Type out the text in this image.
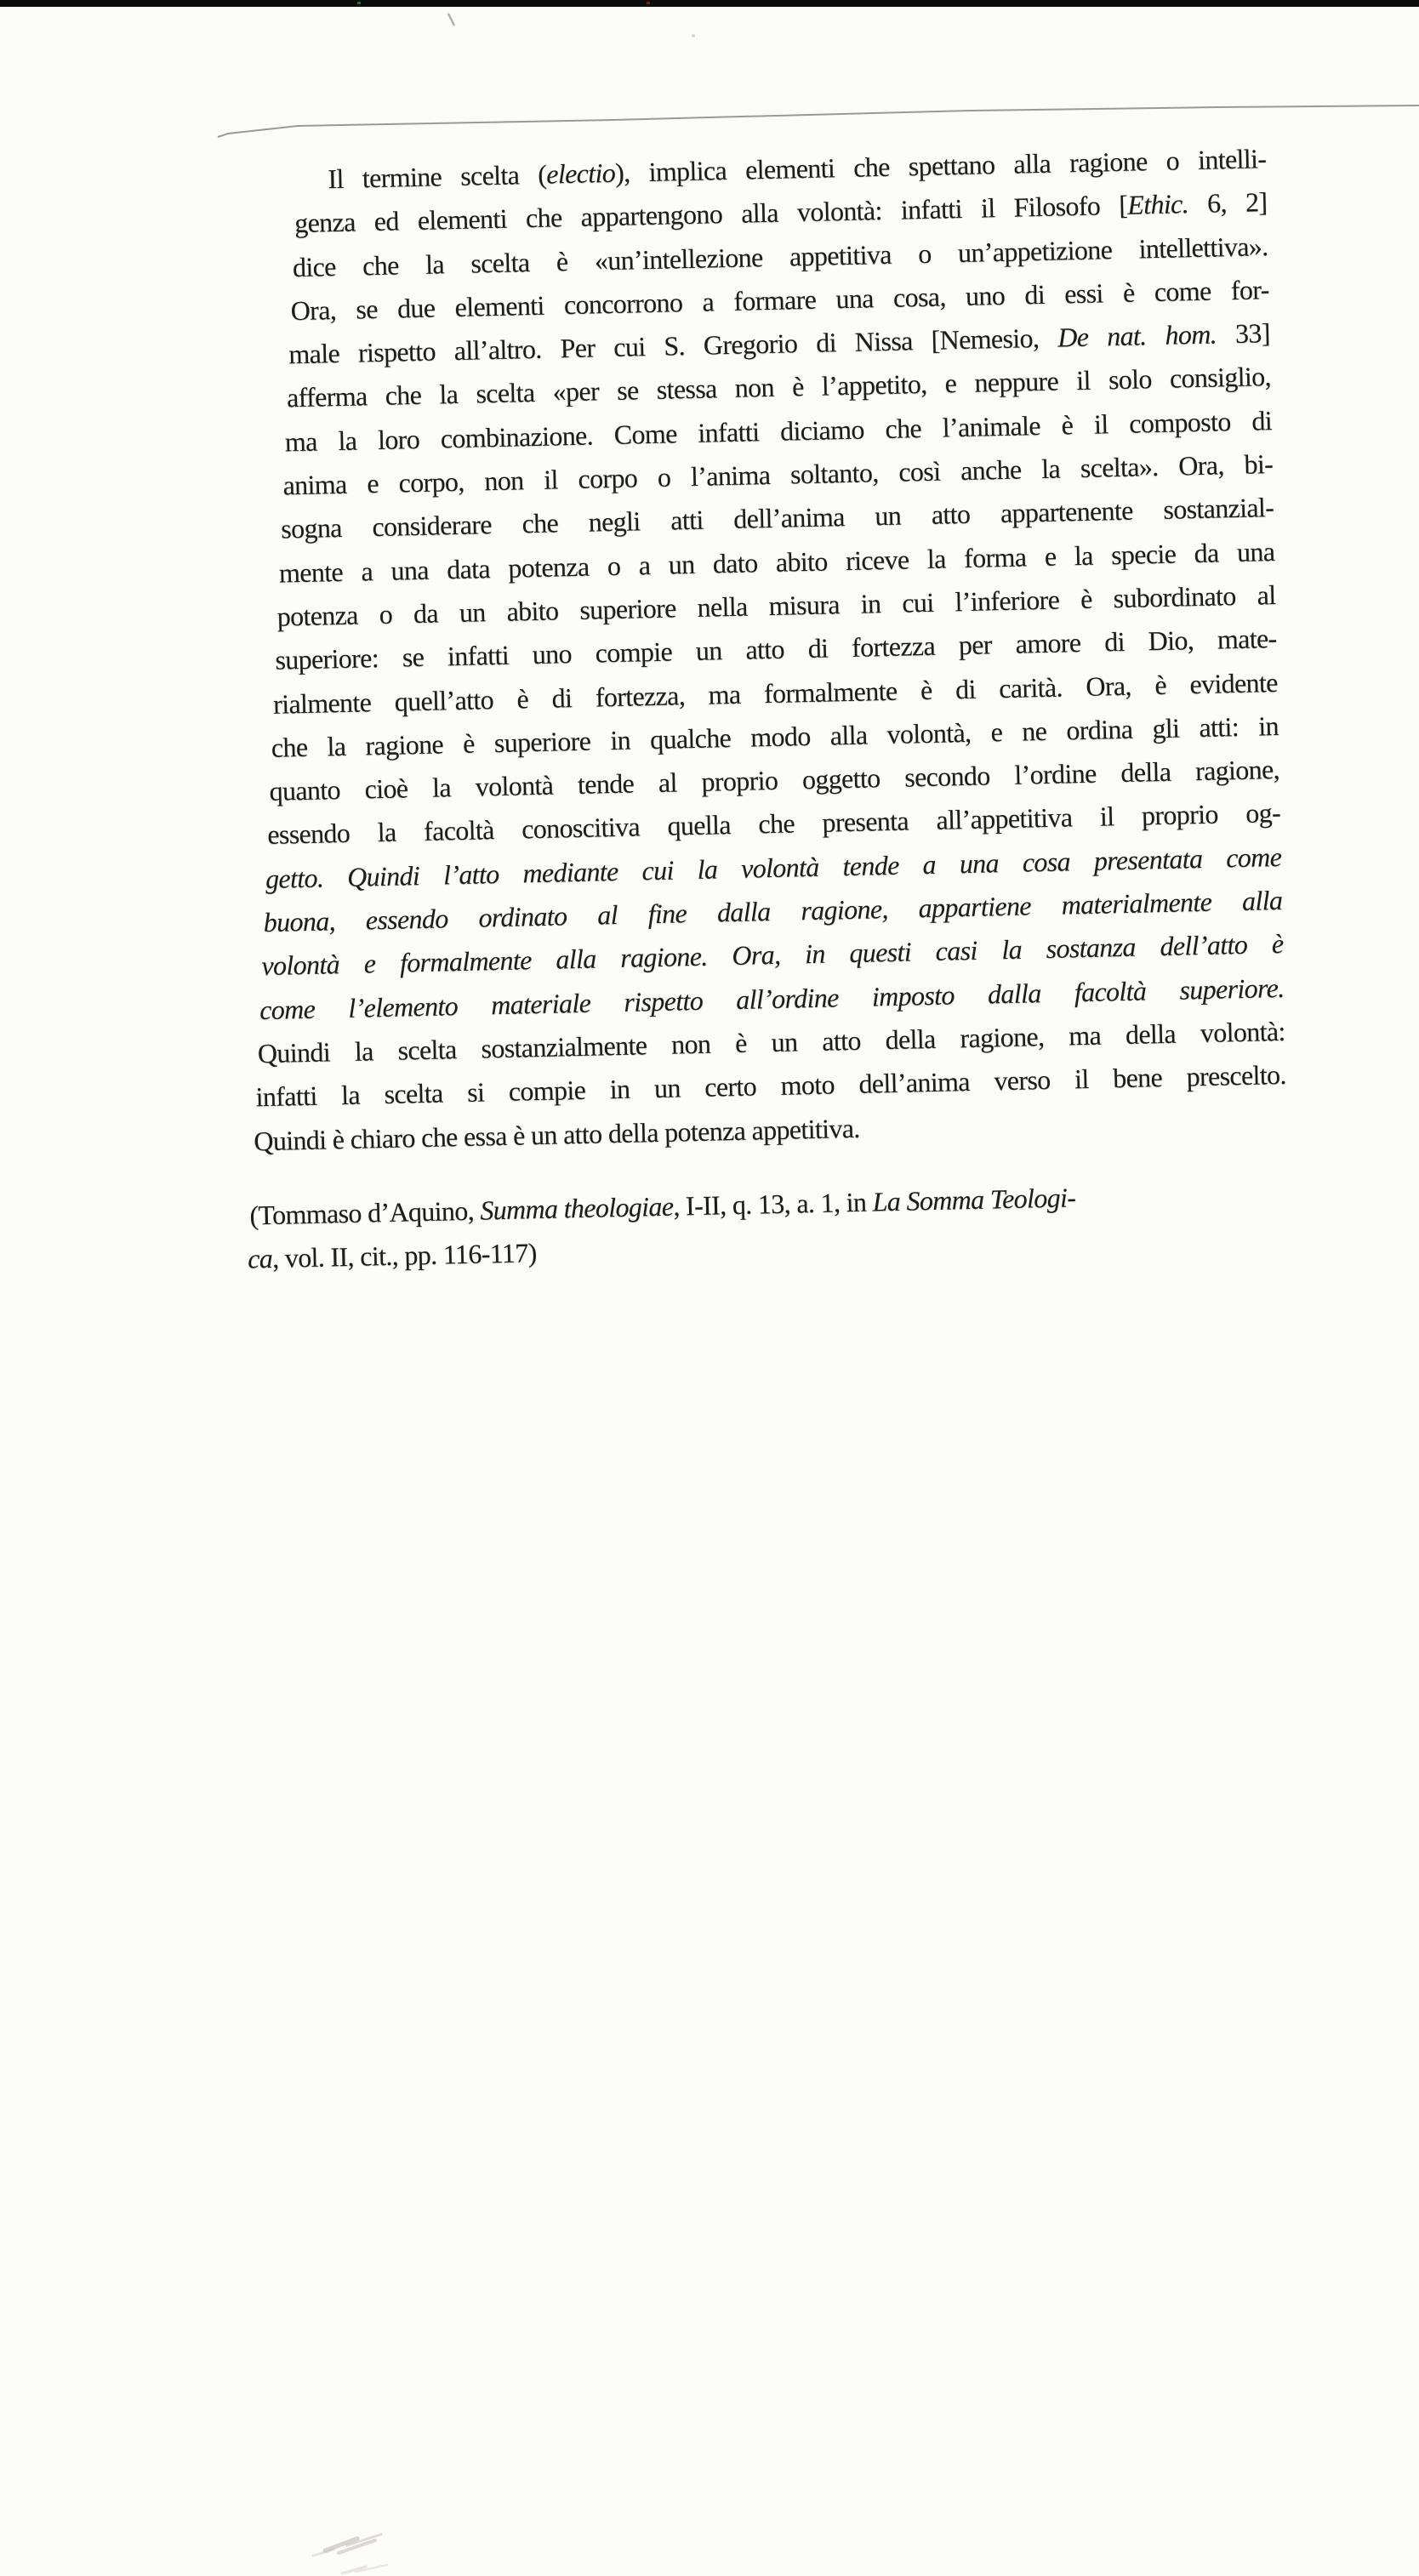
Il termine scelta (electio), implica elementi che spettano alla ragione o intelli-
genza ed elementi che appartengono alla volontà: infatti il Filosofo [Ethic. 6, 2]
dice che la scelta è «un’intellezione appetitiva o un’appetizione intellettiva».
Ora, se due elementi concorrono a formare una cosa, uno di essi è come for-
male rispetto all’altro. Per cui S. Gregorio di Nissa [Nemesio, De nat. hom. 33]
afferma che la scelta «per se stessa non è l’appetito, e neppure il solo consiglio,
ma la loro combinazione. Come infatti diciamo che l’animale è il composto di
anima e corpo, non il corpo o l’anima soltanto, così anche la scelta». Ora, bi-
sogna considerare che negli atti dell’anima un atto appartenente sostanzial-
mente a una data potenza o a un dato abito riceve la forma e la specie da una
potenza o da un abito superiore nella misura in cui l’inferiore è subordinato al
superiore: se infatti uno compie un atto di fortezza per amore di Dio, mate-
rialmente quell’atto è di fortezza, ma formalmente è di carità. Ora, è evidente
che la ragione è superiore in qualche modo alla volontà, e ne ordina gli atti: in
quanto cioè la volontà tende al proprio oggetto secondo l’ordine della ragione,
essendo la facoltà conoscitiva quella che presenta all’appetitiva il proprio og-
getto. Quindi l’atto mediante cui la volontà tende a una cosa presentata come
buona, essendo ordinato al fine dalla ragione, appartiene materialmente alla
volontà e formalmente alla ragione. Ora, in questi casi la sostanza dell’atto è
come l’elemento materiale rispetto all’ordine imposto dalla facoltà superiore.
Quindi la scelta sostanzialmente non è un atto della ragione, ma della volontà:
infatti la scelta si compie in un certo moto dell’anima verso il bene prescelto.
Quindi è chiaro che essa è un atto della potenza appetitiva.
(Tommaso d’Aquino, Summa theologiae, I-II, q. 13, a. 1, in La Somma Teologi-
ca, vol. II, cit., pp. 116-117)
